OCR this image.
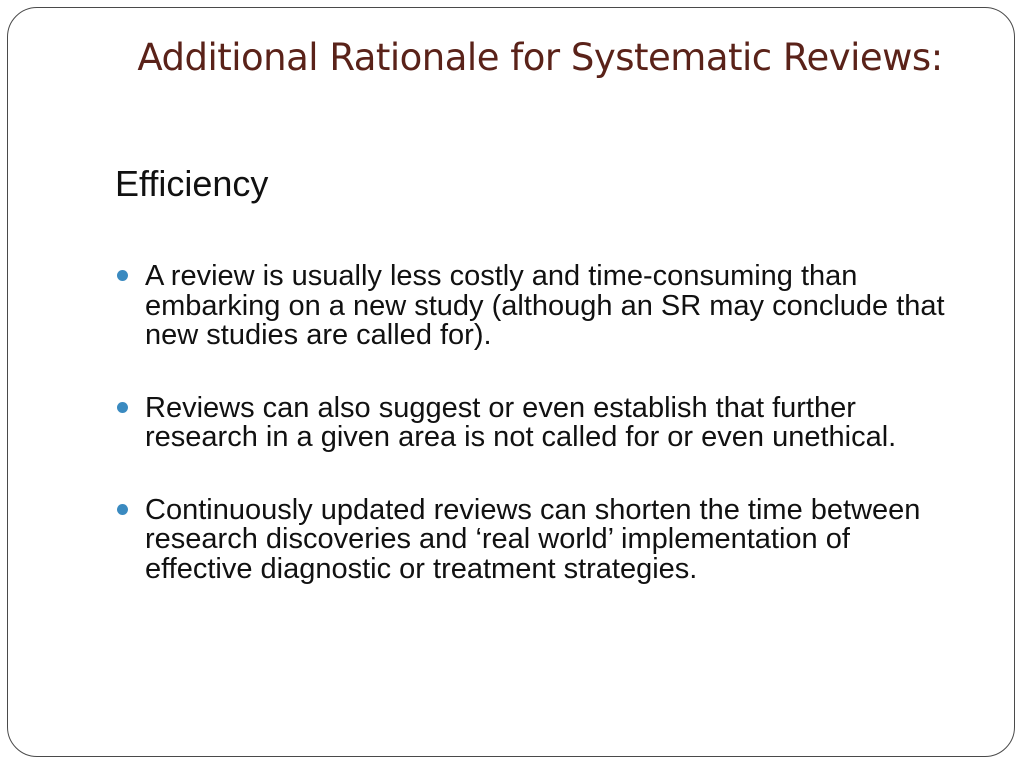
Additional Rationale for Systematic Reviews:
Efficiency
A review is usually less costly and time-consuming than embarking on a new study (although an SR may conclude that new studies are called for).
Reviews can also suggest or even establish that further research in a given area is not called for or even unethical.
Continuously updated reviews can shorten the time between research discoveries and ‘real world’ implementation of effective diagnostic or treatment strategies.
